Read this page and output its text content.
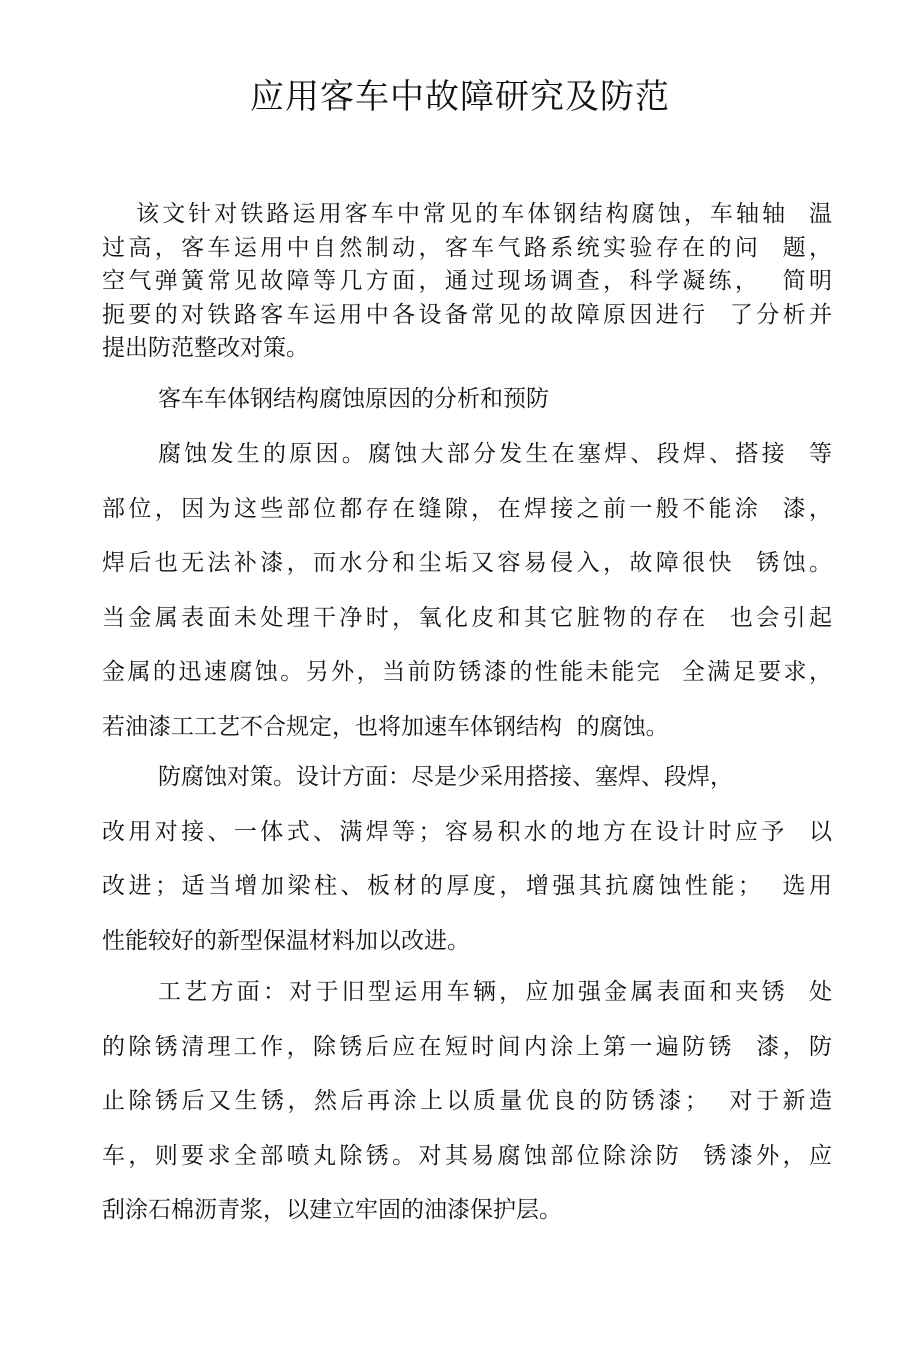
应用客车中故障研究及防范
该文针对铁路运用客车中常见的车体钢结构腐蚀，车轴轴  温
过高，客车运用中自然制动，客车气路系统实验存在的问  题，
空气弹簧常见故障等几方面，通过现场调查，科学凝练，  简明
扼要的对铁路客车运用中各设备常见的故障原因进行  了分析并
提出防范整改对策。
客车车体钢结构腐蚀原因的分析和预防
腐蚀发生的原因。腐蚀大部分发生在塞焊、段焊、搭接  等
部位，因为这些部位都存在缝隙，在焊接之前一般不能涂  漆，
焊后也无法补漆，而水分和尘垢又容易侵入，故障很快  锈蚀。
当金属表面未处理干净时，氧化皮和其它脏物的存在  也会引起
金属的迅速腐蚀。另外，当前防锈漆的性能未能完  全满足要求，
若油漆工工艺不合规定，也将加速车体钢结构  的腐蚀。
防腐蚀对策。设计方面：尽是少采用搭接、塞焊、段焊，
改用对接、一体式、满焊等；容易积水的地方在设计时应予  以
改进；适当增加梁柱、板材的厚度，增强其抗腐蚀性能；  选用
性能较好的新型保温材料加以改进。
工艺方面：对于旧型运用车辆，应加强金属表面和夹锈  处
的除锈清理工作，除锈后应在短时间内涂上第一遍防锈  漆，防
止除锈后又生锈，然后再涂上以质量优良的防锈漆；  对于新造
车，则要求全部喷丸除锈。对其易腐蚀部位除涂防  锈漆外，应
刮涂石棉沥青浆，以建立牢固的油漆保护层。
